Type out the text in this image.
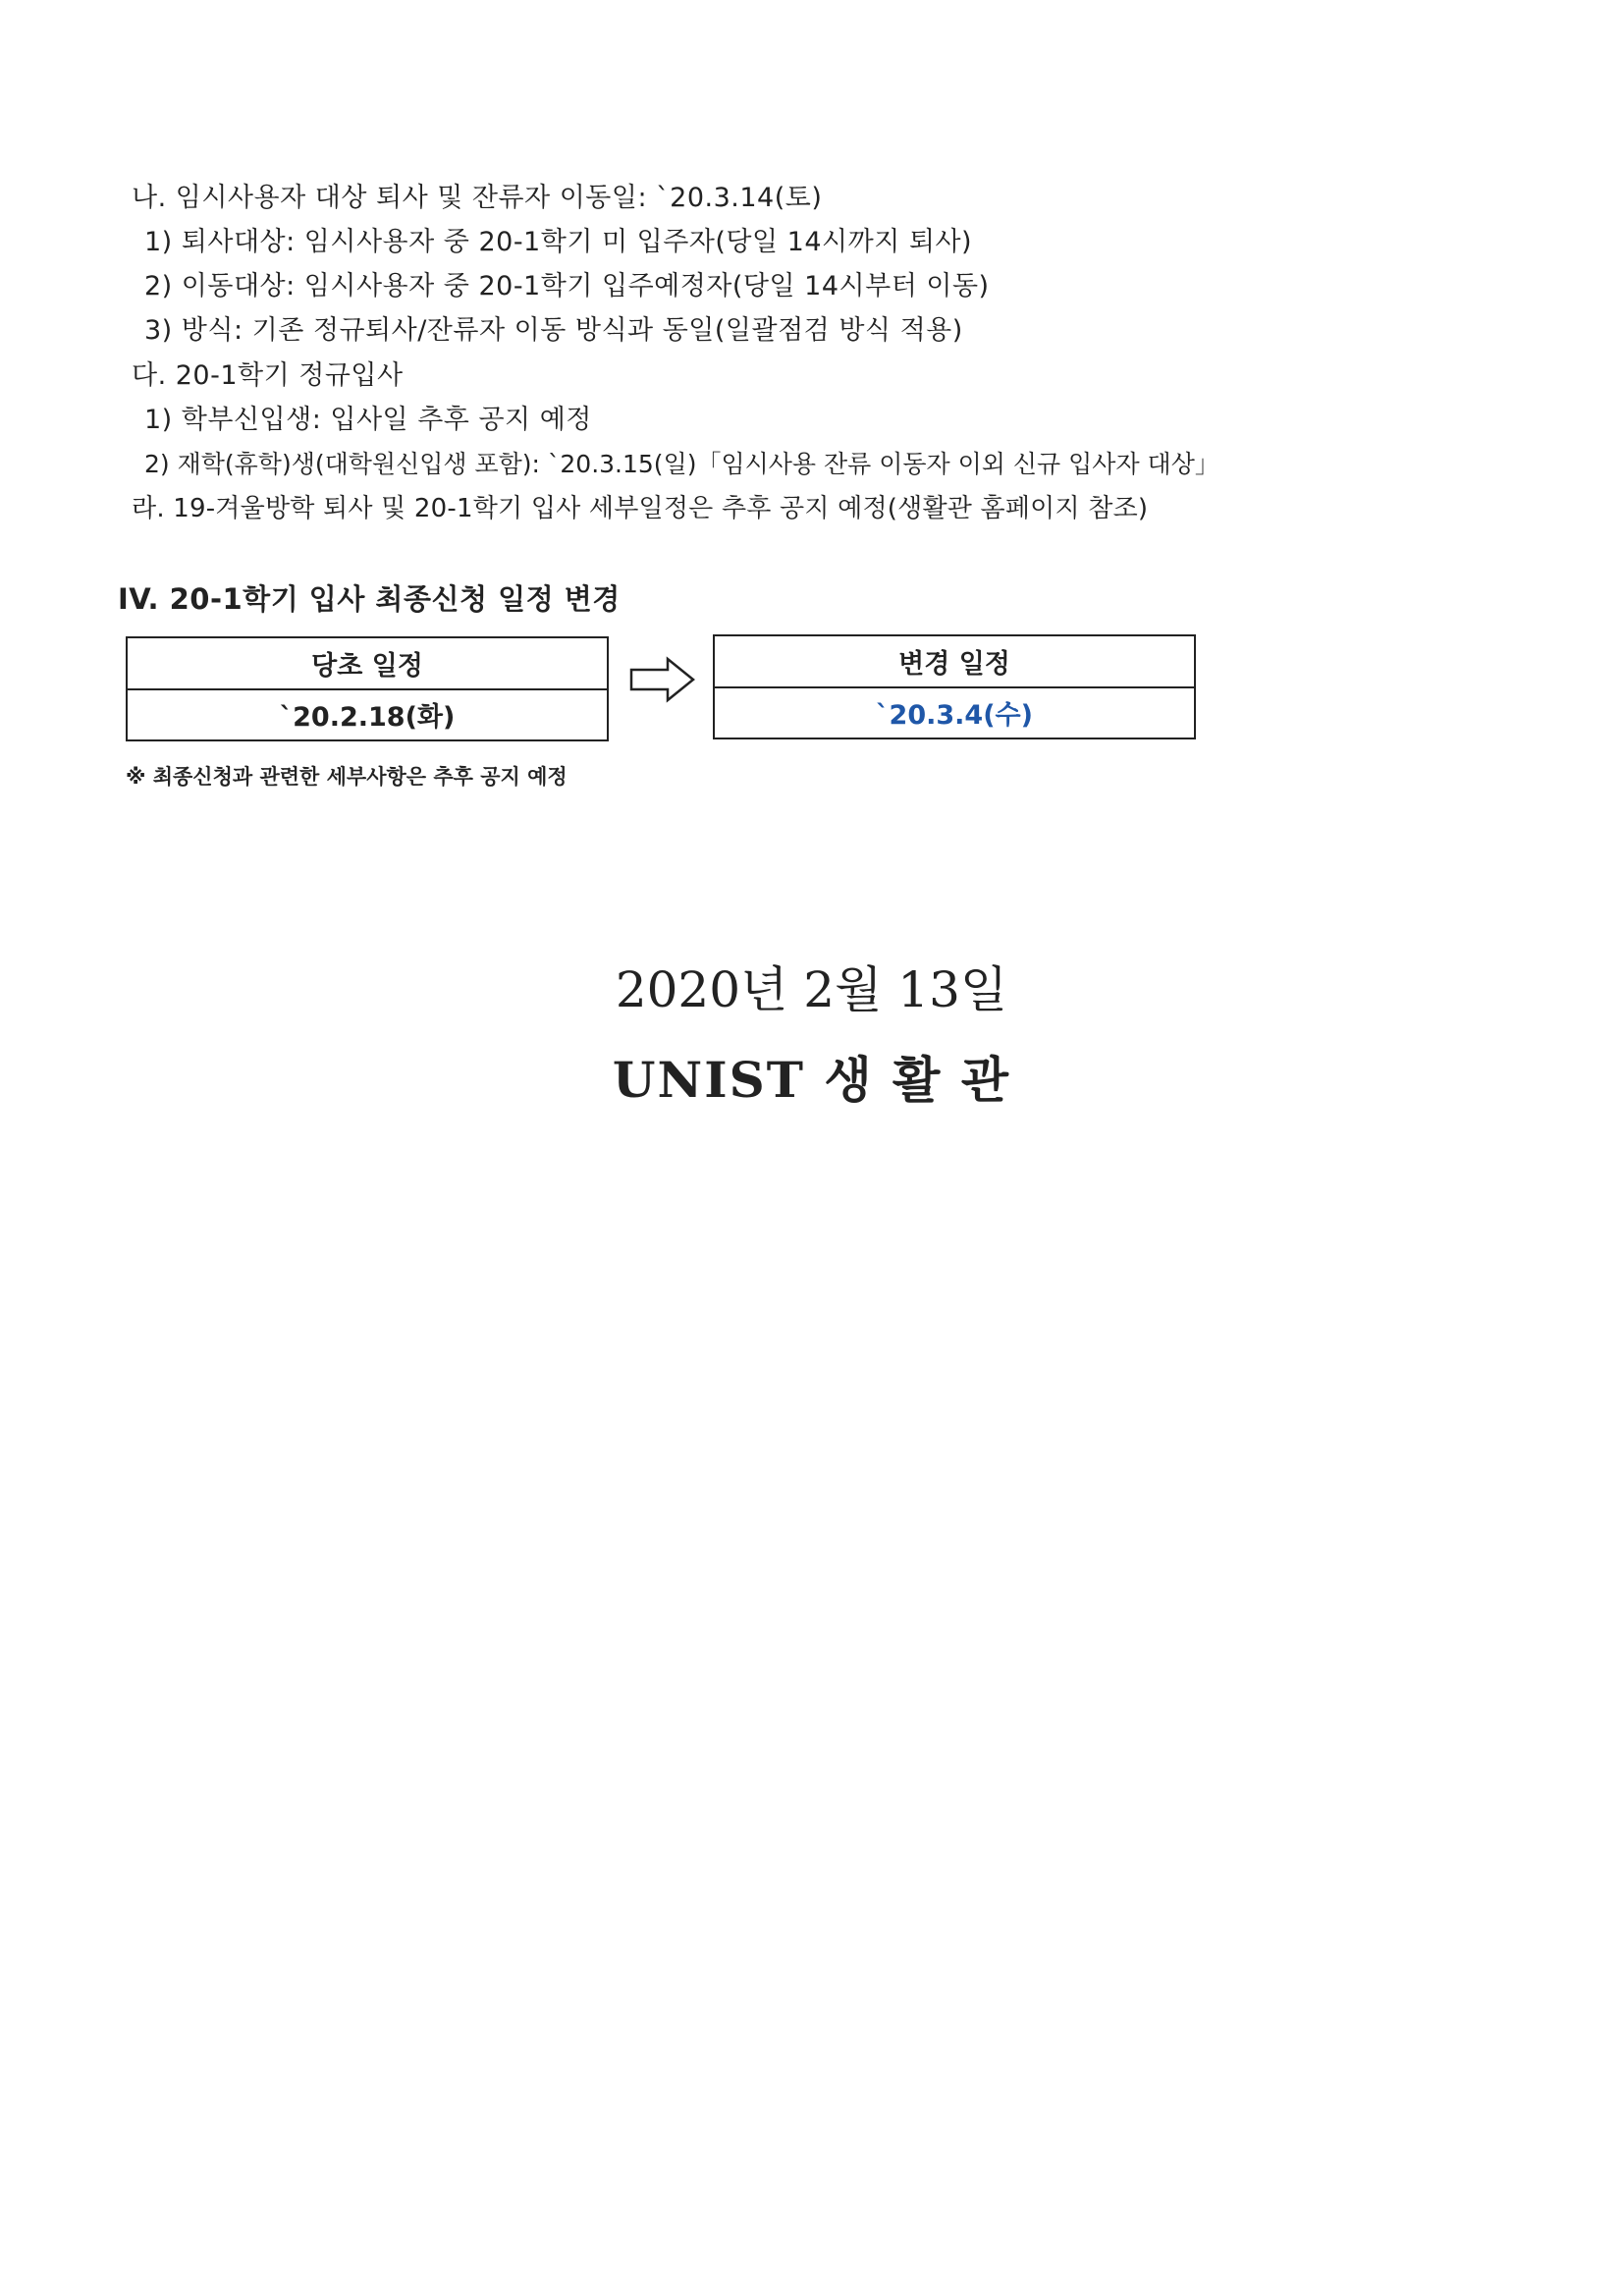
나. 임시사용자 대상 퇴사 및 잔류자 이동일: `20.3.14(토)
1) 퇴사대상: 임시사용자 중 20-1학기 미 입주자(당일 14시까지 퇴사)
2) 이동대상: 임시사용자 중 20-1학기 입주예정자(당일 14시부터 이동)
3) 방식: 기존 정규퇴사/잔류자 이동 방식과 동일(일괄점검 방식 적용)
다. 20-1학기 정규입사
1) 학부신입생: 입사일 추후 공지 예정
2) 재학(휴학)생(대학원신입생 포함): `20.3.15(일)「임시사용 잔류 이동자 이외 신규 입사자 대상」
라. 19-겨울방학 퇴사 및 20-1학기 입사 세부일정은 추후 공지 예정(생활관 홈페이지 참조)
IV. 20-1학기 입사 최종신청 일정 변경
당초 일정
`20.2.18(화)
변경 일정
`20.3.4(수)
※ 최종신청과 관련한 세부사항은 추후 공지 예정
2020년 2월 13일
UNIST 생 활 관
